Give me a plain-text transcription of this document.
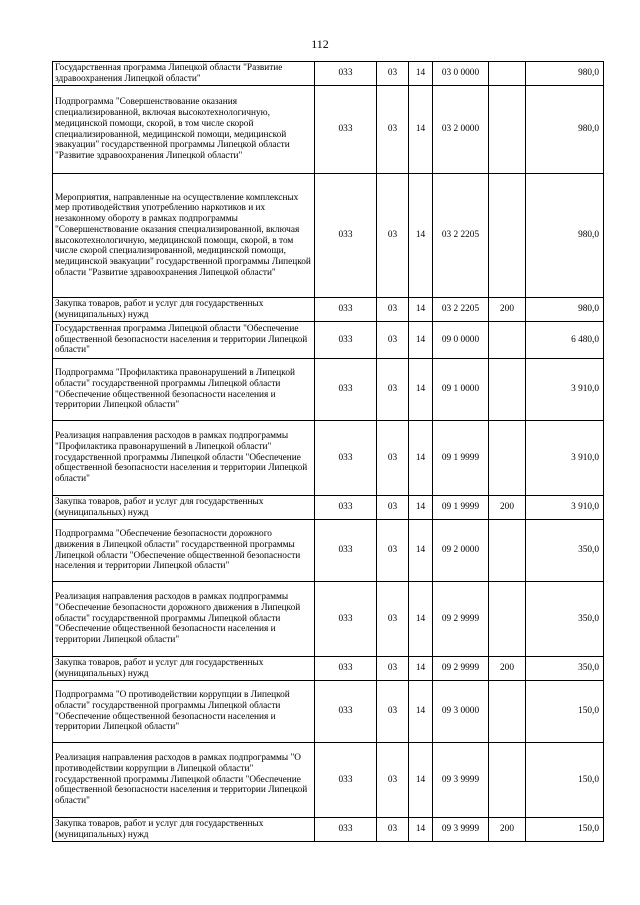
112
Государственная программа Липецкой области "Развитие здравоохранения Липецкой области"	033	03	14	03 0 0000		980,0
Подпрограмма "Совершенствование оказания специализированной, включая высокотехнологичную, медицинской помощи, скорой, в том числе скорой специализированной, медицинской помощи, медицинской эвакуации" государственной программы Липецкой области "Развитие здравоохранения Липецкой области"	033	03	14	03 2 0000		980,0
Мероприятия, направленные на осуществление комплексных мер противодействия употреблению наркотиков и их незаконному обороту в рамках подпрограммы "Совершенствование оказания специализированной, включая высокотехнологичную, медицинской помощи, скорой, в том числе скорой специализированной, медицинской помощи, медицинской эвакуации" государственной программы Липецкой области "Развитие здравоохранения Липецкой области"	033	03	14	03 2 2205		980,0
Закупка товаров, работ и услуг для государственных (муниципальных) нужд	033	03	14	03 2 2205	200	980,0
Государственная программа Липецкой области "Обеспечение общественной безопасности населения и территории Липецкой области"	033	03	14	09 0 0000		6 480,0
Подпрограмма "Профилактика правонарушений в Липецкой области" государственной программы Липецкой области "Обеспечение общественной безопасности населения и территории Липецкой области"	033	03	14	09 1 0000		3 910,0
Реализация направления расходов в рамках подпрограммы "Профилактика правонарушений в Липецкой области" государственной программы Липецкой области "Обеспечение общественной безопасности населения и территории Липецкой области"	033	03	14	09 1 9999		3 910,0
Закупка товаров, работ и услуг для государственных (муниципальных) нужд	033	03	14	09 1 9999	200	3 910,0
Подпрограмма "Обеспечение безопасности дорожного движения в Липецкой области" государственной программы Липецкой области "Обеспечение общественной безопасности населения и территории Липецкой области"	033	03	14	09 2 0000		350,0
Реализация направления расходов в рамках подпрограммы "Обеспечение безопасности дорожного движения в Липецкой области" государственной программы Липецкой области "Обеспечение общественной безопасности населения и территории Липецкой области"	033	03	14	09 2 9999		350,0
Закупка товаров, работ и услуг для государственных (муниципальных) нужд	033	03	14	09 2 9999	200	350,0
Подпрограмма "О противодействии коррупции в Липецкой области" государственной программы Липецкой области "Обеспечение общественной безопасности населения и территории Липецкой области"	033	03	14	09 3 0000		150,0
Реализация направления расходов в рамках подпрограммы "О противодействии коррупции в Липецкой области" государственной программы Липецкой области "Обеспечение общественной безопасности населения и территории Липецкой области"	033	03	14	09 3 9999		150,0
Закупка товаров, работ и услуг для государственных (муниципальных) нужд	033	03	14	09 3 9999	200	150,0
